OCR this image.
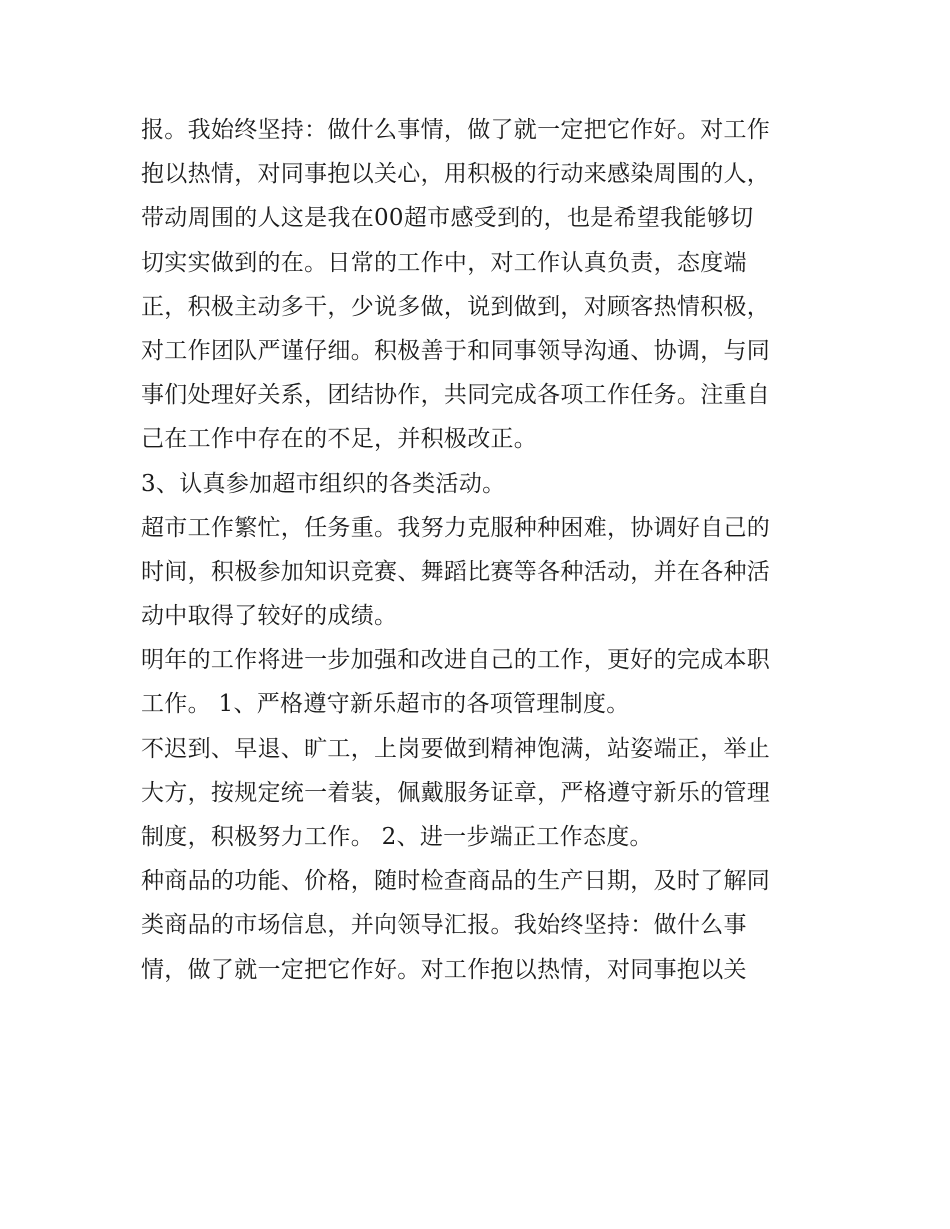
报。我始终坚持：做什么事情，做了就一定把它作好。对工作
抱以热情，对同事抱以关心，用积极的行动来感染周围的人，
带动周围的人这是我在00超市感受到的，也是希望我能够切
切实实做到的在。日常的工作中，对工作认真负责，态度端
正，积极主动多干，少说多做，说到做到，对顾客热情积极，
对工作团队严谨仔细。积极善于和同事领导沟通、协调，与同
事们处理好关系，团结协作，共同完成各项工作任务。注重自
己在工作中存在的不足，并积极改正。
3、认真参加超市组织的各类活动。
超市工作繁忙，任务重。我努力克服种种困难，协调好自己的
时间，积极参加知识竞赛、舞蹈比赛等各种活动，并在各种活
动中取得了较好的成绩。
明年的工作将进一步加强和改进自己的工作，更好的完成本职
工作。 1、严格遵守新乐超市的各项管理制度。
不迟到、早退、旷工，上岗要做到精神饱满，站姿端正，举止
大方，按规定统一着装，佩戴服务证章，严格遵守新乐的管理
制度，积极努力工作。 2、进一步端正工作态度。
种商品的功能、价格，随时检查商品的生产日期，及时了解同
类商品的市场信息，并向领导汇报。我始终坚持：做什么事
情，做了就一定把它作好。对工作抱以热情，对同事抱以关
